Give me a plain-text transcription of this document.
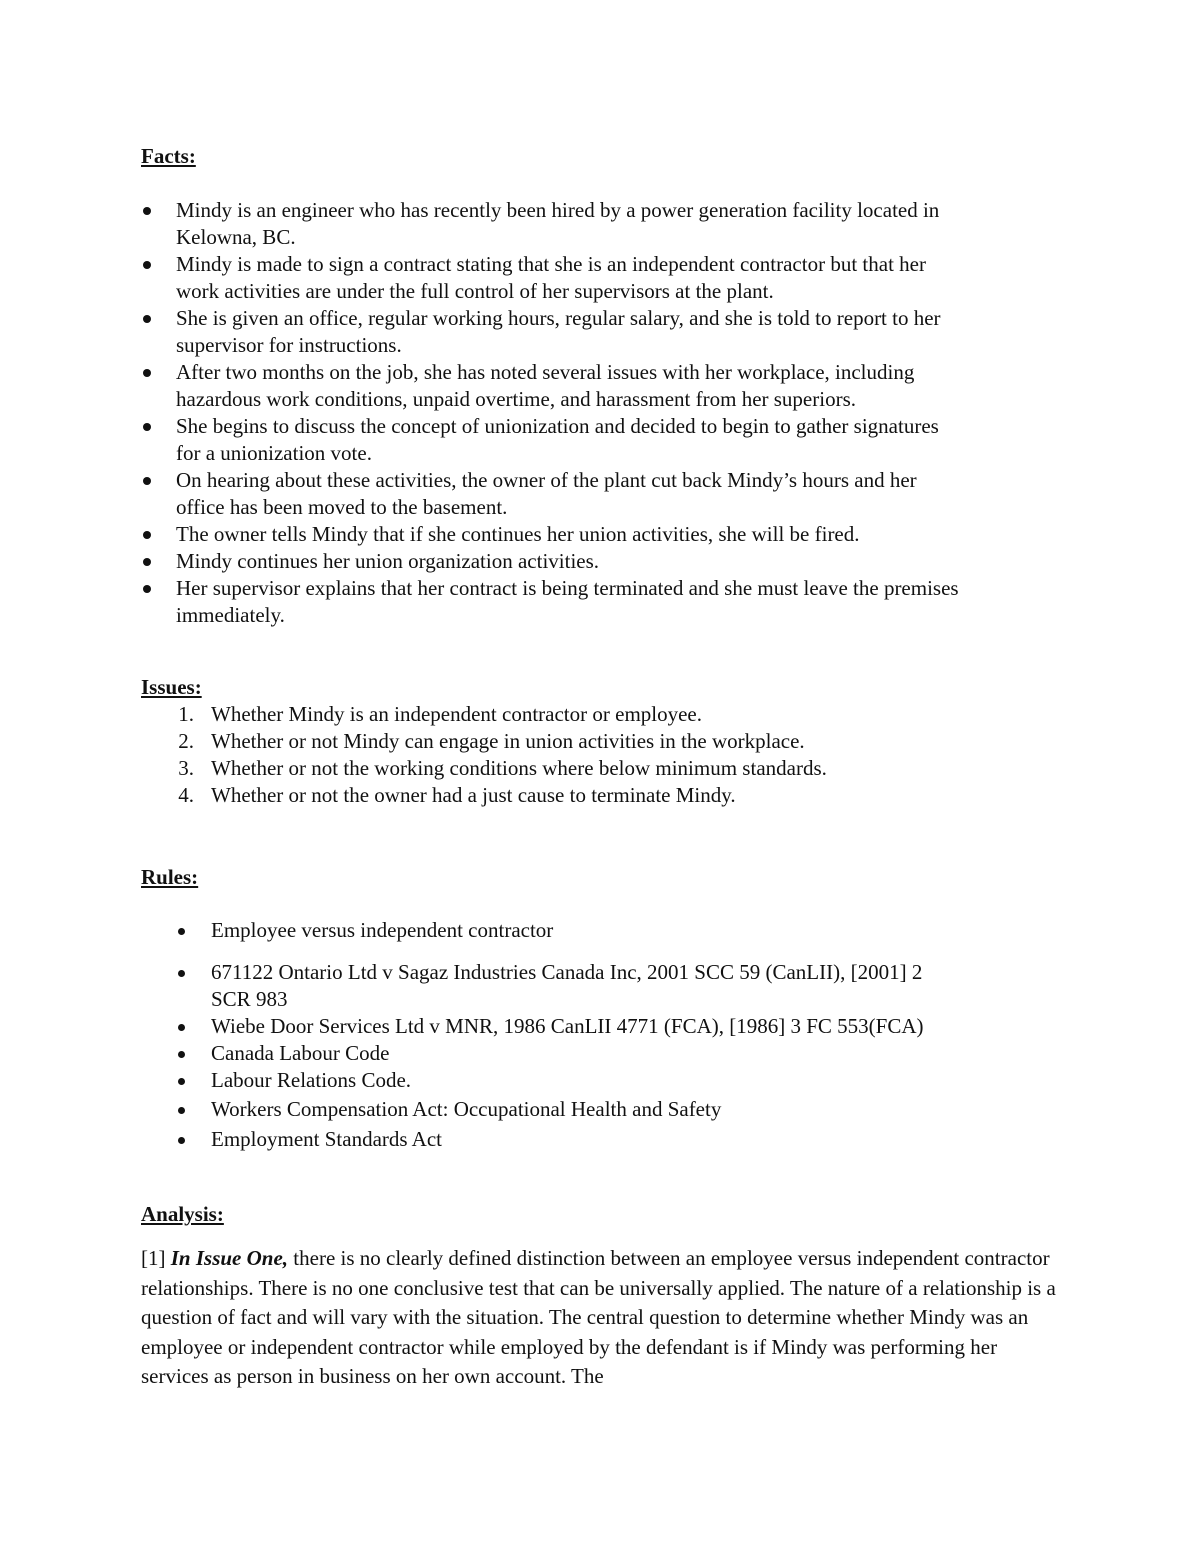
Facts:
Mindy is an engineer who has recently been hired by a power generation facility located in
Kelowna, BC.
Mindy is made to sign a contract stating that she is an independent contractor but that her
work activities are under the full control of her supervisors at the plant.
She is given an office, regular working hours, regular salary, and she is told to report to her
supervisor for instructions.
After two months on the job, she has noted several issues with her workplace, including
hazardous work conditions, unpaid overtime, and harassment from her superiors.
She begins to discuss the concept of unionization and decided to begin to gather signatures
for a unionization vote.
On hearing about these activities, the owner of the plant cut back Mindy’s hours and her
office has been moved to the basement.
The owner tells Mindy that if she continues her union activities, she will be fired.
Mindy continues her union organization activities.
Her supervisor explains that her contract is being terminated and she must leave the premises
immediately.
Issues:
1. Whether Mindy is an independent contractor or employee.
2. Whether or not Mindy can engage in union activities in the workplace.
3. Whether or not the working conditions where below minimum standards.
4. Whether or not the owner had a just cause to terminate Mindy.
Rules:
Employee versus independent contractor
671122 Ontario Ltd v Sagaz Industries Canada Inc, 2001 SCC 59 (CanLII), [2001] 2
SCR 983
Wiebe Door Services Ltd v MNR, 1986 CanLII 4771 (FCA), [1986] 3 FC 553(FCA)
Canada Labour Code
Labour Relations Code.
Workers Compensation Act: Occupational Health and Safety
Employment Standards Act
Analysis:
[1] In Issue One, there is no clearly defined distinction between an employee versus independent contractor relationships. There is no one conclusive test that can be universally applied. The nature of a relationship is a question of fact and will vary with the situation. The central question to determine whether Mindy was an employee or independent contractor while employed by the defendant is if Mindy was performing her services as person in business on her own account. The
